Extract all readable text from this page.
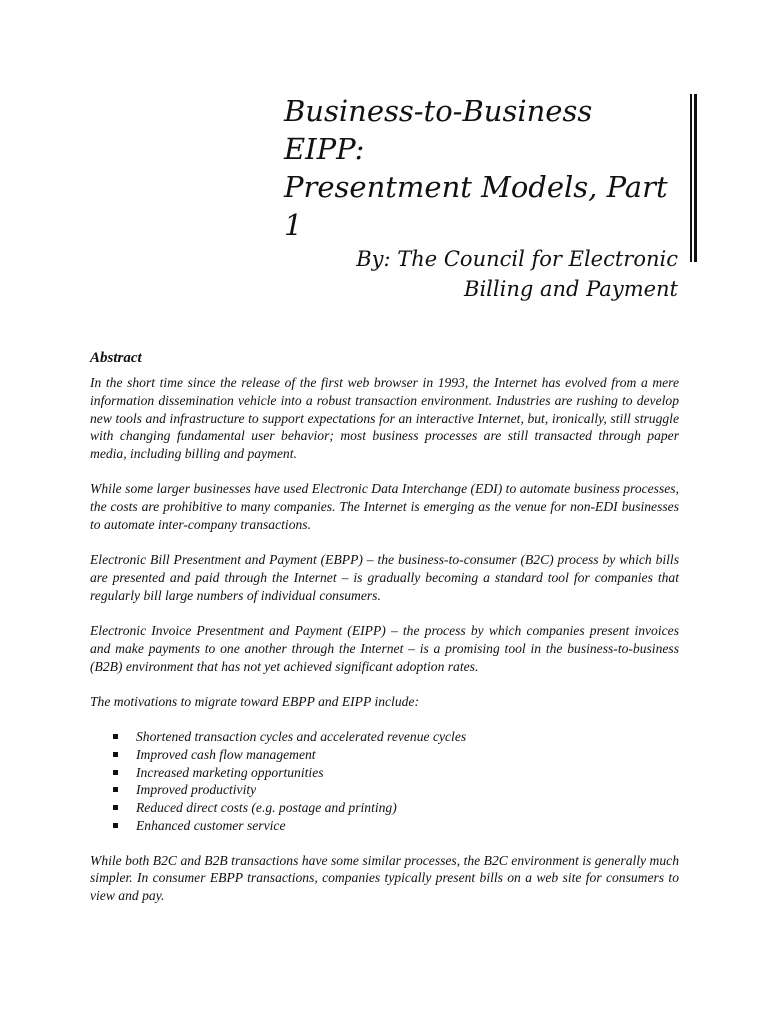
Business-to-Business EIPP:
Presentment Models, Part 1
By: The Council for Electronic
Billing and Payment
Abstract

In the short time since the release of the first web browser in 1993, the Internet has evolved from a mere information dissemination vehicle into a robust transaction environment. Industries are rushing to develop new tools and infrastructure to support expectations for an interactive Internet, but, ironically, still struggle with changing fundamental user behavior; most business processes are still transacted through paper media, including billing and payment.

While some larger businesses have used Electronic Data Interchange (EDI) to automate business processes, the costs are prohibitive to many companies. The Internet is emerging as the venue for non-EDI businesses to automate inter-company transactions.

Electronic Bill Presentment and Payment (EBPP) – the business-to-consumer (B2C) process by which bills are presented and paid through the Internet – is gradually becoming a standard tool for companies that regularly bill large numbers of individual consumers.

Electronic Invoice Presentment and Payment (EIPP) – the process by which companies present invoices and make payments to one another through the Internet – is a promising tool in the business-to-business (B2B) environment that has not yet achieved significant adoption rates.

The motivations to migrate toward EBPP and EIPP include:

Shortened transaction cycles and accelerated revenue cycles
Improved cash flow management
Increased marketing opportunities
Improved productivity
Reduced direct costs (e.g. postage and printing)
Enhanced customer service

While both B2C and B2B transactions have some similar processes, the B2C environment is generally much simpler. In consumer EBPP transactions, companies typically present bills on a web site for consumers to view and pay.
